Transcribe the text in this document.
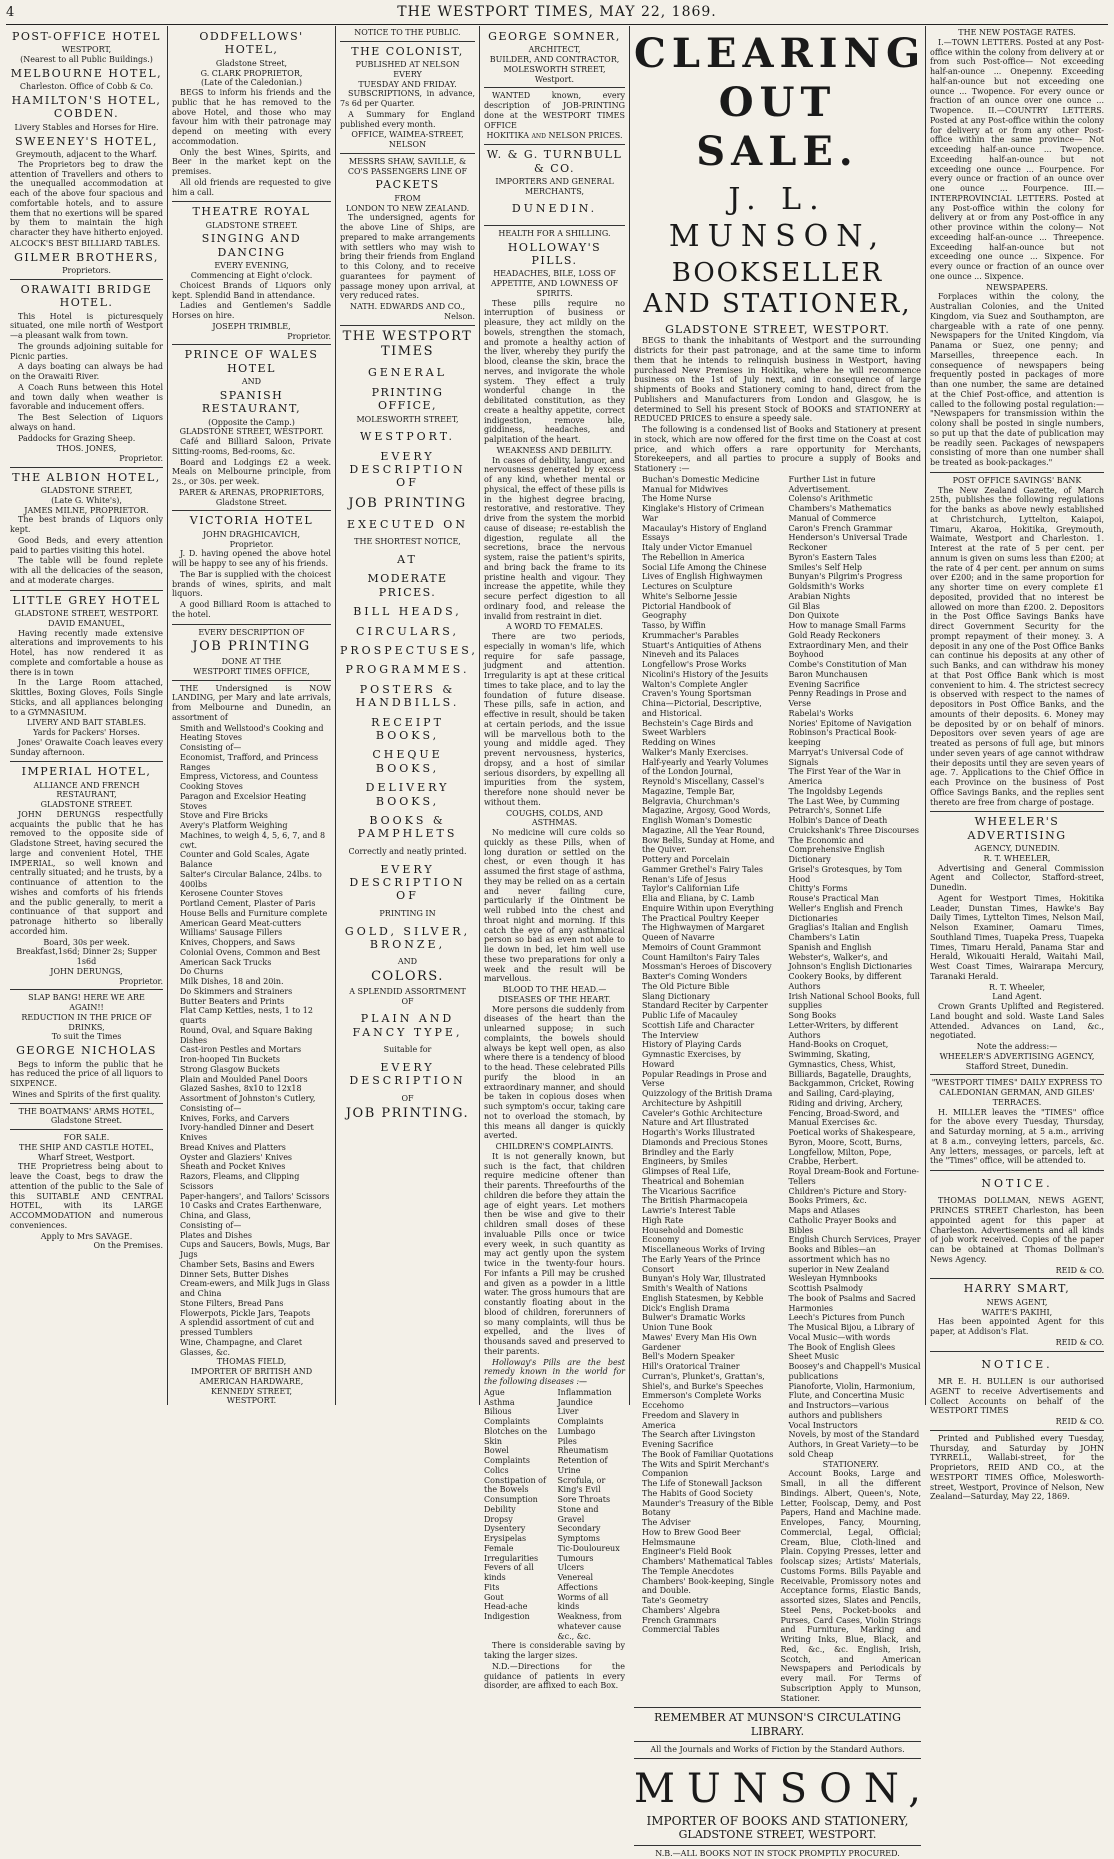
4	THE WESTPORT TIMES, MAY 22, 1869.
POST-OFFICE HOTEL
WESTPORT,
(Nearest to all Public Buildings.)
MELBOURNE HOTEL,
Charleston. Office of Cobb & Co.
HAMILTON'S HOTEL, COBDEN.
Livery Stables and Horses for Hire.
SWEENEY'S HOTEL,
Greymouth, adjacent to the Wharf.

The Proprietors beg to draw the attention of Travellers and others to the unequalled accommodation at each of the above four spacious and comfortable hotels, and to assure them that no exertions will be spared by them to maintain the high character they have hitherto enjoyed.

ALCOCK'S BEST BILLIARD TABLES.
GILMER BROTHERS,
Proprietors.
ORAWAITI BRIDGE HOTEL.

This Hotel is picturesquely situated, one mile north of Westport—a pleasant walk from town.

The grounds adjoining suitable for Picnic parties.

A days boating can always be had on the Orawaiti River.

A Coach Runs between this Hotel and town daily when weather is favorable and inducement offers.

The Best Selection of Liquors always on hand.

Paddocks for Grazing Sheep.

THOS. JONES,
Proprietor.
THE ALBION HOTEL,
GLADSTONE STREET,
(Late G. White's),
JAMES MILNE, PROPRIETOR.

The best brands of Liquors only kept.

Good Beds, and every attention paid to parties visiting this hotel.

The table will be found replete with all the delicacies of the season, and at moderate charges.

LITTLE GREY HOTEL
GLADSTONE STREET, WESTPORT.
DAVID EMANUEL,

Having recently made extensive alterations and improvements to his Hotel, has now rendered it as complete and comfortable a house as there is in town

In the Large Room attached, Skittles, Boxing Gloves, Foils Single Sticks, and all appliances belonging to a GYMNASIUM.

LIVERY AND BAIT STABLES.
Yards for Packers' Horses.

Jones' Orawaite Coach leaves every Sunday afternoon.

IMPERIAL HOTEL,
ALLIANCE AND FRENCH
RESTAURANT,
GLADSTONE STREET.

JOHN DERUNGS respectfully acquaints the public that he has removed to the opposite side of Gladstone Street, having secured the large and convenient Hotel, THE IMPERIAL, so well known and centrally situated; and he trusts, by a continuance of attention to the wishes and comforts of his friends and the public generally, to merit a continuance of that support and patronage hitherto so liberally accorded him.

Board, 30s per week.
Breakfast,1s6d; Dinner 2s; Supper 1s6d
JOHN DERUNGS,
Proprietor.
SLAP BANG! HERE WE ARE AGAIN!!
REDUCTION IN THE PRICE OF DRINKS,
To suit the Times
GEORGE NICHOLAS

Begs to inform the public that he has reduced the price of all liquors to SIXPENCE.

Wines and Spirits of the first quality.
THE BOATMANS' ARMS HOTEL,
Gladstone Street.
FOR SALE.
THE SHIP AND CASTLE HOTEL,
Wharf Street, Westport.

THE Proprietress being about to leave the Coast, begs to draw the attention of the public to the Sale of this SUITABLE AND CENTRAL HOTEL, with its LARGE ACCOMMODATION and numerous conveniences.

Apply to Mrs SAVAGE.
On the Premises.
ODDFELLOWS' HOTEL,
Gladstone Street,
G. CLARK PROPRIETOR,
(Late of the Caledonian.)

BEGS to inform his friends and the public that he has removed to the above Hotel, and those who may favour him with their patronage may depend on meeting with every accommodation.

Only the best Wines, Spirits, and Beer in the market kept on the premises.

All old friends are requested to give him a call.

THEATRE ROYAL
GLADSTONE STREET.
SINGING AND DANCING
EVERY EVENING,
Commencing at Eight o'clock.

Choicest Brands of Liquors only kept. Splendid Band in attendance.

Ladies and Gentlemen's Saddle Horses on hire.

JOSEPH TRIMBLE,
Proprietor.
PRINCE OF WALES HOTEL
AND
SPANISH RESTAURANT,
(Opposite the Camp.)
GLADSTONE STREET, WESTPORT.

Café and Billiard Saloon, Private Sitting-rooms, Bed-rooms, &c.

Board and Lodgings £2 a week. Meals on Melbourne principle, from 2s., or 30s. per week.

PARER & ARENAS, PROPRIETORS,
Gladstone Street.
VICTORIA HOTEL
JOHN DRAGHICAVICH,
Proprietor.

J. D. having opened the above hotel will be happy to see any of his friends.

The Bar is supplied with the choicest brands of wines, spirits, and malt liquors.

A good Billiard Room is attached to the hotel.

EVERY DESCRIPTION OF
JOB PRINTING
DONE AT THE
WESTPORT TIMES OFFICE,

THE Undersigned is NOW LANDING, per Mary and late arrivals, from Melbourne and Dunedin, an assortment of

Smith and Wellstood's Cooking and Heating Stoves
Consisting of—
Economist, Trafford, and Princess Ranges
Empress, Victoress, and Countess Cooking Stoves
Paragon and Excelsior Heating Stoves
Stove and Fire Bricks
Avery's Platform Weighing Machines, to weigh 4, 5, 6, 7, and 8 cwt.
Counter and Gold Scales, Agate Balance
Salter's Circular Balance, 24lbs. to 400lbs
Kerosene Counter Stoves
Portland Cement, Plaster of Paris
House Bells and Furniture complete
American Geard Meat-cutters
Williams' Sausage Fillers
Knives, Choppers, and Saws
Colonial Ovens, Common and Best
American Sack Trucks
Do Churns
Milk Dishes, 18 and 20in.
Do Skimmers and Strainers
Butter Beaters and Prints
Flat Camp Kettles, nests, 1 to 12 quarts
Round, Oval, and Square Baking Dishes
Cast-iron Pestles and Mortars
Iron-hooped Tin Buckets
Strong Glasgow Buckets
Plain and Moulded Panel Doors
Glazed Sashes, 8x10 to 12x18
Assortment of Johnston's Cutlery, Consisting of—
Knives, Forks, and Carvers
Ivory-handled Dinner and Desert Knives
Bread Knives and Platters
Oyster and Glaziers' Knives
Sheath and Pocket Knives
Razors, Fleams, and Clipping Scissors
Paper-hangers', and Tailors' Scissors
10 Casks and Crates Earthenware, China, and Glass,
Consisting of—
Plates and Dishes
Cups and Saucers, Bowls, Mugs, Bar Jugs
Chamber Sets, Basins and Ewers
Dinner Sets, Butter Dishes
Cream-ewers, and Milk Jugs in Glass and China
Stone Filters, Bread Pans
Flowerpots, Pickle Jars, Teapots
A splendid assortment of cut and pressed Tumblers
Wine, Champagne, and Claret Glasses, &c.
THOMAS FIELD,
IMPORTER OF BRITISH AND
AMERICAN HARDWARE,
KENNEDY STREET,
WESTPORT.
NOTICE TO THE PUBLIC.
THE COLONIST,
PUBLISHED AT NELSON EVERY
TUESDAY AND FRIDAY.

SUBSCRIPTIONS, in advance, 7s 6d per Quarter.

A Summary for England published every month.

OFFICE, WAIMEA-STREET, NELSON
MESSRS SHAW, SAVILLE, & CO'S PASSENGERS LINE OF
PACKETS
FROM
LONDON TO NEW ZEALAND.

The undersigned, agents for the above Line of Ships, are prepared to make arrangements with settlers who may wish to bring their friends from England to this Colony, and to receive guarantees for payment of passage money upon arrival, at very reduced rates.

NATH. EDWARDS AND CO.,
Nelson.
THE WESTPORT TIMES
GENERAL
PRINTING OFFICE,
MOLESWORTH STREET,
WESTPORT.
EVERY DESCRIPTION OF
JOB PRINTING
EXECUTED ON
THE SHORTEST NOTICE,
AT
MODERATE PRICES.
BILL HEADS,
CIRCULARS,
PROSPECTUSES,
PROGRAMMES.
POSTERS & HANDBILLS.
RECEIPT BOOKS,
CHEQUE BOOKS,
DELIVERY BOOKS,
BOOKS & PAMPHLETS
Correctly and neatly printed.
EVERY DESCRIPTION OF
PRINTING IN
GOLD, SILVER, BRONZE,
AND
COLORS.
A SPLENDID ASSORTMENT
OF
PLAIN AND FANCY TYPE,
Suitable for
EVERY DESCRIPTION
OF
JOB PRINTING.
GEORGE SOMNER,
ARCHITECT,
BUILDER, AND CONTRACTOR,
MOLESWORTH STREET,
Westport.

WANTED known, every description of JOB-PRINTING done at the WESTPORT TIMES OFFICE

HOKITIKA and NELSON PRICES.
W. & G. TURNBULL & CO.
IMPORTERS AND GENERAL
MERCHANTS,
DUNEDIN.
HEALTH FOR A SHILLING.
HOLLOWAY'S PILLS.
HEADACHES, BILE, LOSS OF APPETITE, AND LOWNESS OF SPIRITS.

These pills require no interruption of business or pleasure, they act mildly on the bowels, strengthen the stomach, and promote a healthy action of the liver, whereby they purify the blood, cleanse the skin, brace the nerves, and invigorate the whole system. They effect a truly wonderful change in the debilitated constitution, as they create a healthy appetite, correct indigestion, remove bile, giddiness, headaches, and palpitation of the heart.

WEAKNESS AND DEBILITY.

In cases of debility, languor, and nervousness generated by excess of any kind, whether mental or physical, the effect of these pills is in the highest degree bracing, restorative, and restorative. They drive from the system the morbid cause of disease; re-establish the digestion, regulate all the secretions, brace the nervous system, raise the patient's spirits, and bring back the frame to its pristine health and vigour. They increase the appetite, while they secure perfect digestion to all ordinary food, and release the invalid from restraint in diet.

A WORD TO FEMALES.

There are two periods, especially in woman's life, which require for safe passage, judgment and attention. Irregularity is apt at these critical times to take place, and to lay the foundation of future disease. These pills, safe in action, and effective in result, should be taken at certain periods, and the issue will be marvellous both to the young and middle aged. They prevent nervousness, hysterics, dropsy, and a host of similar serious disorders, by expelling all impurities from the system, therefore none should never be without them.

COUGHS, COLDS, AND ASTHMAS.

No medicine will cure colds so quickly as these Pills, when of long duration or settled on the chest, or even though it has assumed the first stage of asthma, they may be relied on as a certain and never failing cure, particularly if the Ointment be well rubbed into the chest and throat night and morning. If this catch the eye of any asthmatical person so bad as even not able to lie down in bed, let him well use these two preparations for only a week and the result will be marvellous.

BLOOD TO THE HEAD.—DISEASES OF THE HEART.

More persons die suddenly from diseases of the heart than the unlearned suppose; in such complaints, the bowels should always be kept well open, as also where there is a tendency of blood to the head. These celebrated Pills purify the blood in an extraordinary manner, and should be taken in copious doses when such symptom's occur, taking care not to overload the stomach, by this means all danger is quickly averted.

CHILDREN'S COMPLAINTS.

It is not generally known, but such is the fact, that children require medicine oftener than their parents. Threefourths of the children die before they attain the age of eight years. Let mothers then be wise and give to their children small doses of these invaluable Pills once or twice every week, in such quantity as may act gently upon the system twice in the twenty-four hours. For infants a Pill may be crushed and given as a powder in a little water. The gross humours that are constantly floating about in the blood of children, forerunners of so many complaints, will thus be expelled, and the lives of thousands saved and preserved to their parents.

Holloway's Pills are the best remedy known in the world for the following diseases :—

Ague
Asthma
Bilious Complaints
Blotches on the Skin
Bowel Complaints
Colics
Constipation of the Bowels
Consumption
Debility
Dropsy
Dysentery
Erysipelas
Female Irregularities
Fevers of all kinds
Fits
Gout
Head-ache
Indigestion
Inflammation
Jaundice
Liver Complaints
Lumbago
Piles
Rheumatism
Retention of Urine
Scrofula, or King's Evil
Sore Throats
Stone and Gravel
Secondary Symptoms
Tic-Douloureux
Tumours
Ulcers
Venereal Affections
Worms of all kinds
Weakness, from whatever cause
&c., &c.

There is considerable saving by taking the larger sizes.

N.D.—Directions for the guidance of patients in every disorder, are affixed to each Box.

CLEARING OUT SALE.
J. L. MUNSON,
BOOKSELLER AND STATIONER,
GLADSTONE STREET, WESTPORT.

BEGS to thank the inhabitants of Westport and the surrounding districts for their past patronage, and at the same time to inform them that he intends to relinquish business in Westport, having purchased New Premises in Hokitika, where he will recommence business on the 1st of July next, and in consequence of large shipments of Books and Stationery coming to hand, direct from the Publishers and Manufacturers from London and Glasgow, he is determined to Sell his present Stock of BOOKS and STATIONERY at REDUCED PRICES to ensure a speedy sale.

The following is a condensed list of Books and Stationery at present in stock, which are now offered for the first time on the Coast at cost price, and which offers a rare opportunity for Merchants, Storekeepers, and all parties to procure a supply of Books and Stationery :—

Buchan's Domestic Medicine
Manual for Midwives
The Home Nurse
Kinglake's History of Crimean War
Macaulay's History of England
Essays
Italy under Victor Emanuel
The Rebellion in America
Social Life Among the Chinese
Lives of English Highwaymen
Lectures on Sculpture
White's Selborne Jessie
Pictorial Handbook of Geography
Tasso, by Wiffin
Krummacher's Parables
Stuart's Antiquities of Athens
Nineveh and its Palaces
Longfellow's Prose Works
Nicolini's History of the Jesuits
Walton's Complete Angler
Craven's Young Sportsman
China—Pictorial, Descriptive, and Historical.
Bechstein's Cage Birds and Sweet Warblers
Redding on Wines
Walker's Manly Exercises.
Half-yearly and Yearly Volumes of the London Journal, Reynold's Miscellany, Cassel's Magazine, Temple Bar, Belgravia, Churchman's Magazine, Argosy, Good Words, English Woman's Domestic Magazine, All the Year Round, Bow Bells, Sunday at Home, and the Quiver.
Pottery and Porcelain
Gammer Grethel's Fairy Tales
Renan's Life of Jesus
Taylor's Californian Life
Elia and Eliana, by C. Lamb
Enquire Within upon Everything
The Practical Poultry Keeper
The Highwaymen of Margaret Queen of Navarre
Memoirs of Count Grammont
Count Hamilton's Fairy Tales
Mossman's Heroes of Discovery
Baxter's Coming Wonders
The Old Picture Bible
Slang Dictionary
Standard Reciter by Carpenter
Public Life of Macauley
Scottish Life and Character
The Interview
History of Playing Cards
Gymnastic Exercises, by Howard
Popular Readings in Prose and Verse
Quizzology of the British Drama
Architecture by Ashpitill
Caveler's Gothic Architecture
Nature and Art Illustrated
Hogarth's Works Illustrated
Diamonds and Precious Stones
Brindley and the Early Engineers, by Smiles
Glimpses of Real Life, Theatrical and Bohemian
The Vicarious Sacrifice
The British Pharmacopeia
Lawrie's Interest Table
High Rate
Household and Domestic Economy
Miscellaneous Works of Irving
The Early Years of the Prince Consort
Bunyan's Holy War, Illustrated
Smith's Wealth of Nations
English Statesmen, by Kebble
Dick's English Drama
Bulwer's Dramatic Works
Union Tune Book
Mawes' Every Man His Own Gardener
Bell's Modern Speaker
Hill's Oratorical Trainer
Curran's, Plunket's, Grattan's, Shiel's, and Burke's Speeches
Emmerson's Complete Works
Eccehomo
Freedom and Slavery in America
The Search after Livingston
Evening Sacrifice
The Book of Familiar Quotations
The Wits and Spirit Merchant's Companion
The Life of Stonewall Jackson
The Habits of Good Society
Maunder's Treasury of the Bible
Botany
The Adviser
How to Brew Good Beer
Helmsmaune
Engineer's Field Book
Chambers' Mathematical Tables
The Temple Anecdotes
Chambers' Book-keeping, Single and Double.
Tate's Geometry
Chambers' Algebra
French Grammars
Commercial Tables
Further List in future Advertisement.
Colenso's Arithmetic
Chambers's Mathematics
Manual of Commerce
Caron's French Grammar
Henderson's Universal Trade Reckoner
Byron's Eastern Tales
Smiles's Self Help
Bunyan's Pilgrim's Progress
Goldsmith's Works
Arabian Nights
Gil Blas
Don Quixote
How to manage Small Farms
Gold Ready Reckoners
Extraordinary Men, and their Boyhood
Combe's Constitution of Man
Baron Munchausen
Evening Sacrifice
Penny Readings in Prose and Verse
Rabelai's Works
Nories' Epitome of Navigation
Robinson's Practical Book-keeping
Marryat's Universal Code of Signals
The First Year of the War in America
The Ingoldsby Legends
The Last Wee, by Cumming
Petrarch's, Sonnet Life
Holbin's Dance of Death
Cruickshank's Three Discourses
The Economic and Comprehensive English Dictionary
Grisel's Grotesques, by Tom Hood
Chitty's Forms
Rouse's Practical Man
Weller's English and French Dictionaries
Graglias's Italian and English
Chambers's Latin
Spanish and English
Webster's, Walker's, and Johnson's English Dictionaries
Cookery Books, by different Authors
Irish National School Books, full supplies
Song Books
Letter-Writers, by different Authors
Hand-Books on Croquet, Swimming, Skating, Gymnastics, Chess, Whist, Billiards, Bagatelle, Draughts, Backgammon, Cricket, Rowing and Sailing, Card-playing, Riding and driving, Archery, Fencing, Broad-Sword, and Manual Exercises &c.
Poetical works of Shakespeare, Byron, Moore, Scott, Burns, Longfellow, Milton, Pope, Crabbe, Herbert.
Royal Dream-Book and Fortune-Tellers
Children's Picture and Story-Books Primers, &c.
Maps and Atlases
Catholic Prayer Books and Bibles
English Church Services, Prayer Books and Bibles—an assortment which has no superior in New Zealand
Wesleyan Hymnbooks
Scottish Psalmody
The book of Psalms and Sacred Harmonies
Leech's Pictures from Punch
The Musical Bijou, a Library of Vocal Music—with words
The Book of English Glees
Sheet Music
Boosey's and Chappell's Musical publications
Pianoforte, Violin, Harmonium, Flute, and Concertina Music and Instructors—various authors and publishers
Vocal Instructors
Novels, by most of the Standard Authors, in Great Variety—to be sold Cheap
STATIONERY.

Account Books, Large and Small, in all the different Bindings. Albert, Queen's, Note, Letter, Foolscap, Demy, and Post Papers, Hand and Machine made. Envelopes, Fancy, Mourning, Commercial, Legal, Official; Cream, Blue, Cloth-lined and Plain. Copying Presses, letter and foolscap sizes; Artists' Materials, Customs Forms. Bills Payable and Receivable, Promissory notes and Acceptance forms, Elastic Bands, assorted sizes, Slates and Pencils, Steel Pens, Pocket-books and Purses, Card Cases, Violin Strings and Furniture, Marking and Writing Inks, Blue, Black, and Red, &c., &c. English, Irish, Scotch, and American Newspapers and Periodicals by every mail. For Terms of Subscription Apply to Munson, Stationer.

REMEMBER AT MUNSON'S CIRCULATING LIBRARY.
All the Journals and Works of Fiction by the Standard Authors.
MUNSON,
IMPORTER OF BOOKS AND STATIONERY,
GLADSTONE STREET, WESTPORT.
N.B.—ALL BOOKS NOT IN STOCK PROMPTLY PROCURED.
THE NEW POSTAGE RATES.

I.—TOWN LETTERS. Posted at any Post-office within the colony from delivery at or from such Post-office— Not exceeding half-an-ounce ... Onepenny. Exceeding half-an-ounce but not exceeding one ounce ... Twopence. For every ounce or fraction of an ounce over one ounce ... Twopence. II.—COUNTRY LETTERS. Posted at any Post-office within the colony for delivery at or from any other Post-office within the same province— Not exceeding half-an-ounce ... Twopence. Exceeding half-an-ounce but not exceeding one ounce ... Fourpence. For every ounce or fraction of an ounce over one ounce ... Fourpence. III.—INTERPROVINCIAL LETTERS. Posted at any Post-office within the colony for delivery at or from any Post-office in any other province within the colony— Not exceeding half-an-ounce ... Threepence. Exceeding half-an-ounce but not exceeding one ounce ... Sixpence. For every ounce or fraction of an ounce over one ounce ... Sixpence.

NEWSPAPERS.

Forplaces within the colony, the Australian Colonies, and the United Kingdom, via Suez and Southampton, are chargeable with a rate of one penny. Newspapers for the United Kingdom, via Panama or Suez, one penny; and Marseilles, threepence each. In consequence of newspapers being frequently posted in packages of more than one number, the same are detained at the Chief Post-office, and attention is called to the following postal regulation:— "Newspapers for transmission within the colony shall be posted in single numbers, so put up that the date of publication may be readily seen. Packages of newspapers consisting of more than one number shall be treated as book-packages."

POST OFFICE SAVINGS' BANK

The New Zealand Gazette, of March 25th, publishes the following regulations for the banks as above newly established at Christchurch, Lyttelton, Kaiapoi, Timaru, Akaroa, Hokitika, Greymouth, Waimate, Westport and Charleston. 1. Interest at the rate of 5 per cent. per annum is given on sums less than £200; at the rate of 4 per cent. per annum on sums over £200; and in the same proportion for any shorter time on every complete £1 deposited, provided that no interest be allowed on more than £200. 2. Depositors in the Post Office Savings Banks have direct Government Security for the prompt repayment of their money. 3. A deposit in any one of the Post Office Banks can continue his deposits at any other of such Banks, and can withdraw his money at that Post Office Bank which is most convenient to him. 4. The strictest secrecy is observed with respect to the names of depositors in Post Office Banks, and the amounts of their deposits. 6. Money may be deposited by or on behalf of minors. Depositors over seven years of age are treated as persons of full age, but minors under seven years of age cannot withdraw their deposits until they are seven years of age. 7. Applications to the Chief Office in each Province on the business of Post Office Savings Banks, and the replies sent thereto are free from charge of postage.

WHEELER'S ADVERTISING
AGENCY, DUNEDIN.
R. T. WHEELER,

Advertising and General Commission Agent and Collector, Stafford-street, Dunedin.

Agent for Westport Times, Hokitika Leader, Dunstan Times, Hawke's Bay Daily Times, Lyttelton Times, Nelson Mail, Nelson Examiner, Oamaru Times, Southland Times, Tuapeka Press, Tuapeka Times, Timaru Herald, Panama Star and Herald, Wikouaiti Herald, Waitahi Mail, West Coast Times, Wairarapa Mercury, Taranaki Herald.

R. T. Wheeler,
Land Agent.

Crown Grants Uplifted and Registered. Land bought and sold. Waste Land Sales Attended. Advances on Land, &c., negotiated.

Note the address:—
WHEELER'S ADVERTISING AGENCY,
Stafford Street, Dunedin.
"WESTPORT TIMES" DAILY EXPRESS TO CALEDONIAN GERMAN, AND GILES' TERRACES.

H. MILLER leaves the "TIMES" office for the above every Tuesday, Thursday, and Saturday morning, at 5 a.m., arriving at 8 a.m., conveying letters, parcels, &c. Any letters, messages, or parcels, left at the "Times" office, will be attended to.

NOTICE.

THOMAS DOLLMAN, NEWS AGENT, PRINCES STREET Charleston, has been appointed agent for this paper at Charleston. Advertisements and all kinds of job work received. Copies of the paper can be obtained at Thomas Dollman's News Agency.

REID & CO.
HARRY SMART,
NEWS AGENT,
WAITE'S PAKIHI,

Has been appointed Agent for this paper, at Addison's Flat.

REID & CO.
NOTICE.

MR E. H. BULLEN is our authorised AGENT to receive Advertisements and Collect Accounts on behalf of the WESTPORT TIMES

REID & CO.

Printed and Published every Tuesday, Thursday, and Saturday by JOHN TYRRELL, Wallabi-street, for the Proprietors, REID AND CO., at the WESTPORT TIMES Office, Molesworth-street, Westport, Province of Nelson, New Zealand—Saturday, May 22, 1869.
